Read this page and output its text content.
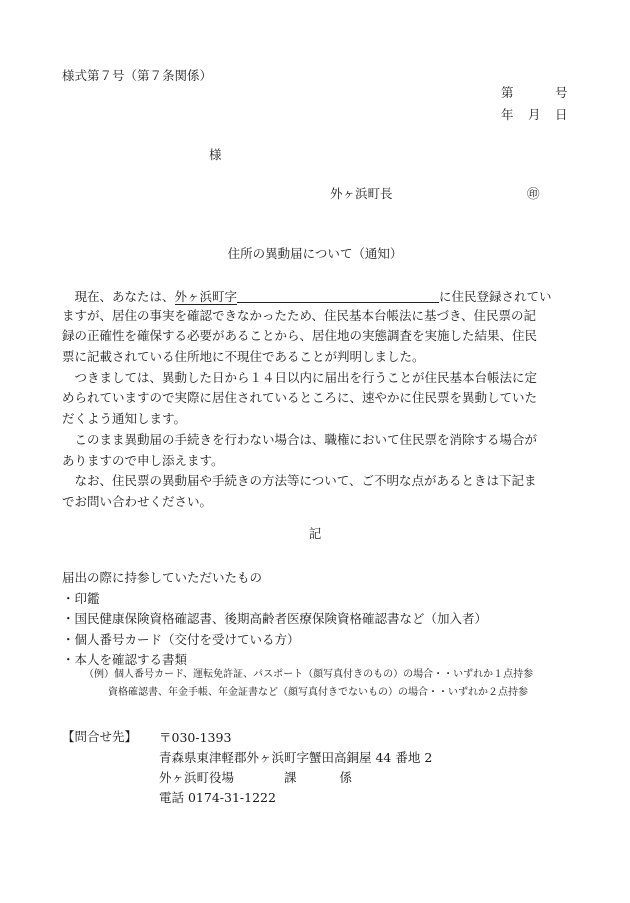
様式第７号（第７条関係）
第	号
年 月 日
様
外ヶ浜町長	㊞
住所の異動届について（通知）
　現在、あなたは、外ヶ浜町字	に住民登録されてい
ますが、居住の事実を確認できなかったため、住民基本台帳法に基づき、住民票の記
録の正確性を確保する必要があることから、居住地の実態調査を実施した結果、住民
票に記載されている住所地に不現住であることが判明しました。
　つきましては、異動した日から１４日以内に届出を行うことが住民基本台帳法に定
められていますので実際に居住されているところに、速やかに住民票を異動していた
だくよう通知します。
　このまま異動届の手続きを行わない場合は、職権において住民票を消除する場合が
ありますので申し添えます。
　なお、住民票の異動届や手続きの方法等について、ご不明な点があるときは下記ま
でお問い合わせください。
記
届出の際に持参していただいたもの
・印鑑
・国民健康保険資格確認書、後期高齢者医療保険資格確認書など（加入者）
・個人番号カード（交付を受けている方）
・本人を確認する書類
（例）個人番号カード、運転免許証、パスポート（顔写真付きのもの）の場合・・いずれか１点持参
資格確認書、年金手帳、年金証書など（顔写真付きでないもの）の場合・・いずれか２点持参
【問合せ先】 〒030-1393
青森県東津軽郡外ヶ浜町字蟹田高銅屋 44 番地 2
外ヶ浜町役場	課	係
電話 0174-31-1222
